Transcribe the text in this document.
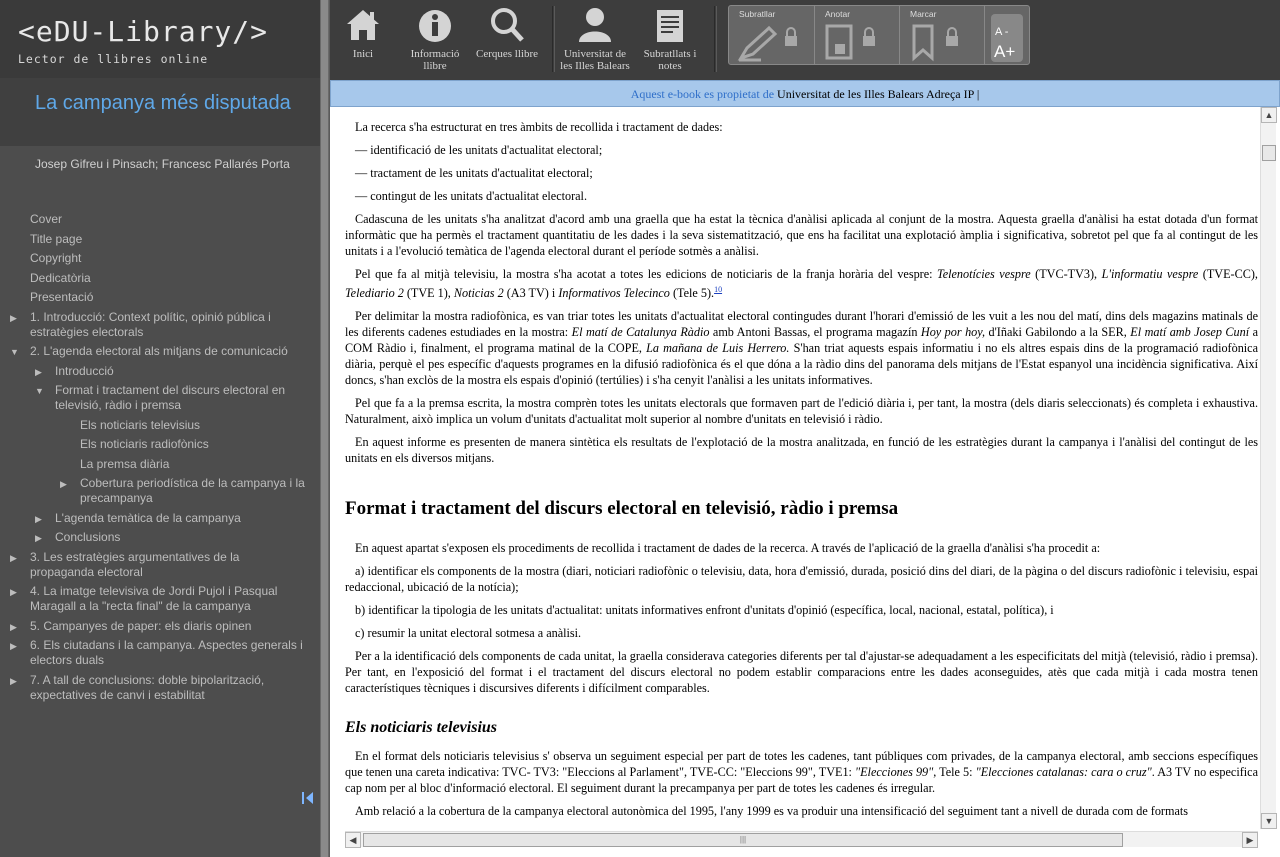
<eDU-Library/>
Lector de llibres online
La campanya més disputada
Josep Gifreu i Pinsach; Francesc Pallarés Porta
Cover
Title page
Copyright
Dedicatòria
Presentació
▶ 1. Introducció: Context polític, opinió pública i estratègies electorals
▼ 2. L'agenda electoral als mitjans de comunicació
▶ Introducció
▼ Format i tractament del discurs electoral en televisió, ràdio i premsa
Els noticiaris televisius
Els noticiaris radiofònics
La premsa diària
▶ Cobertura periodística de la campanya i la precampanya
▶ L'agenda temàtica de la campanya
▶ Conclusions
▶ 3. Les estratègies argumentatives de la propaganda electoral
▶ 4. La imatge televisiva de Jordi Pujol i Pasqual Maragall a la "recta final" de la campanya
▶ 5. Campanyes de paper: els diaris opinen
▶ 6. Els ciutadans i la campanya. Aspectes generals i electors duals
▶ 7. A tall de conclusions: doble bipolarització, expectatives de canvi i estabilitat
Inici	Informació llibre
Cerques llibre	Universitat de les Illes Balears
Subratllats i notes
Subratllar	Anotar	Marcar
A -
A+
Aquest e-book es propietat de Universitat de les Illes Balears Adreça IP |

La recerca s'ha estructurat en tres àmbits de recollida i tractament de dades:

— identificació de les unitats d'actualitat electoral;

— tractament de les unitats d'actualitat electoral;

— contingut de les unitats d'actualitat electoral.

Cadascuna de les unitats s'ha analitzat d'acord amb una graella que ha estat la tècnica d'anàlisi aplicada al conjunt de la mostra. Aquesta graella d'anàlisi ha estat dotada d'un format informàtic que ha permès el tractament quantitatiu de les dades i la seva sistematització, que ens ha facilitat una explotació àmplia i significativa, sobretot pel que fa al contingut de les unitats i a l'evolució temàtica de l'agenda electoral durant el període sotmès a anàlisi.

Pel que fa al mitjà televisiu, la mostra s'ha acotat a totes les edicions de noticiaris de la franja horària del vespre: Telenotícies vespre (TVC-TV3), L'informatiu vespre (TVE-CC), Telediario 2 (TVE 1), Noticias 2 (A3 TV) i Informativos Telecinco (Tele 5).$^{10}$

Per delimitar la mostra radiofònica, es van triar totes les unitats d'actualitat electoral contingudes durant l'horari d'emissió de les vuit a les nou del matí, dins dels magazins matinals de les diferents cadenes estudiades en la mostra: El matí de Catalunya Ràdio amb Antoni Bassas, el programa magazín Hoy por hoy, d'Iñaki Gabilondo a la SER, El matí amb Josep Cuní a COM Ràdio i, finalment, el programa matinal de la COPE, La mañana de Luis Herrero. S'han triat aquests espais informatiu i no els altres espais dins de la programació radiofònica diària, perquè el pes específic d'aquests programes en la difusió radiofònica és el que dóna a la ràdio dins del panorama dels mitjans de l'Estat espanyol una incidència significativa. Així doncs, s'han exclòs de la mostra els espais d'opinió (tertúlies) i s'ha cenyit l'anàlisi a les unitats informatives.

Pel que fa a la premsa escrita, la mostra comprèn totes les unitats electorals que formaven part de l'edició diària i, per tant, la mostra (dels diaris seleccionats) és completa i exhaustiva. Naturalment, això implica un volum d'unitats d'actualitat molt superior al nombre d'unitats en televisió i ràdio.

En aquest informe es presenten de manera sintètica els resultats de l'explotació de la mostra analitzada, en funció de les estratègies durant la campanya i l'anàlisi del contingut de les unitats en els diversos mitjans.

Format i tractament del discurs electoral en televisió, ràdio i premsa

En aquest apartat s'exposen els procediments de recollida i tractament de dades de la recerca. A través de l'aplicació de la graella d'anàlisi s'ha procedit a:

a) identificar els components de la mostra (diari, noticiari radiofònic o televisiu, data, hora d'emissió, durada, posició dins del diari, de la pàgina o del discurs radiofònic i televisiu, espai redaccional, ubicació de la notícia);

b) identificar la tipologia de les unitats d'actualitat: unitats informatives enfront d'unitats d'opinió (específica, local, nacional, estatal, política), i

c) resumir la unitat electoral sotmesa a anàlisi.

Per a la identificació dels components de cada unitat, la graella considerava categories diferents per tal d'ajustar-se adequadament a les especificitats del mitjà (televisió, ràdio i premsa). Per tant, en l'exposició del format i el tractament del discurs electoral no podem establir comparacions entre les dades aconseguides, atès que cada mitjà i cada mostra tenen característiques tècniques i discursives diferents i difícilment comparables.

Els noticiaris televisius

En el format dels noticiaris televisius s' observa un seguiment especial per part de totes les cadenes, tant públiques com privades, de la campanya electoral, amb seccions específiques que tenen una careta indicativa: TVC- TV3: "Eleccions al Parlament", TVE-CC: "Eleccions 99", TVE1: "Elecciones 99", Tele 5: "Elecciones catalanas: cara o cruz". A3 TV no especifica cap nom per al bloc d'informació electoral. El seguiment durant la precampanya per part de totes les cadenes és irregular.

Amb relació a la cobertura de la campanya electoral autonòmica del 1995, l'any 1999 es va produir una intensificació del seguiment tant a nivell de durada com de formats

▲
▼
◀	|||	▶
